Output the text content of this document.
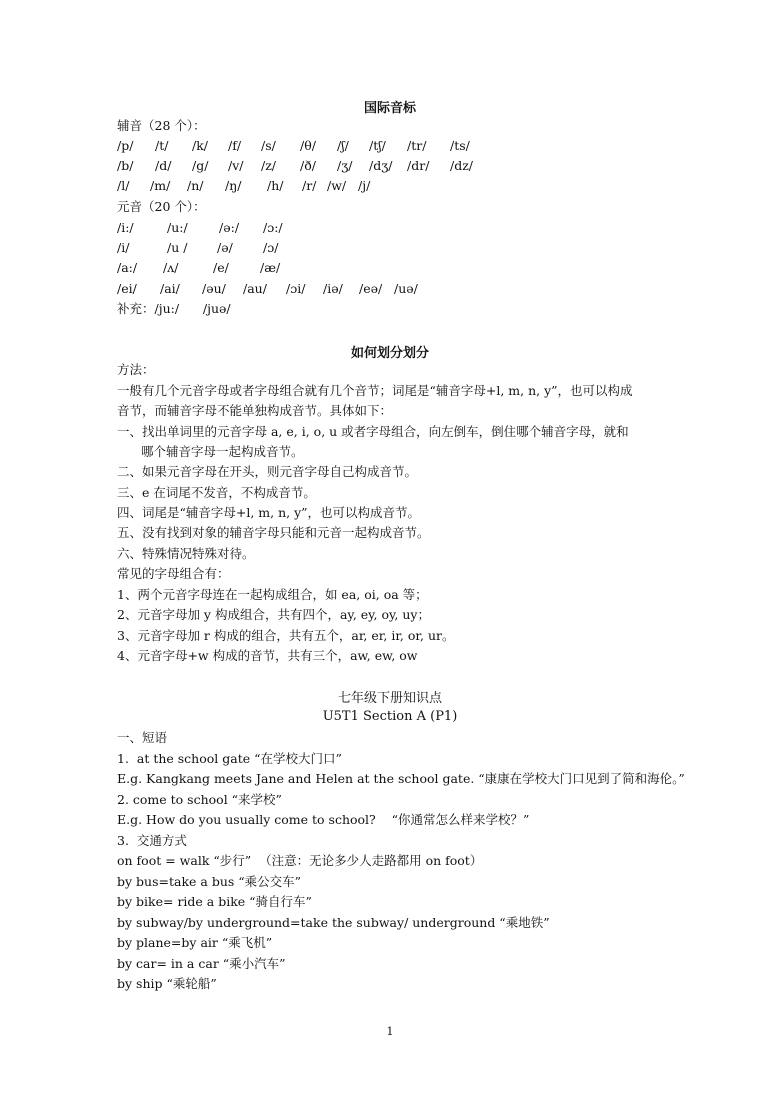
国际音标
辅音（28 个）：
/p/ /t/ /k/ /f/ /s/ /θ/ /ʃ/ /tʃ/ /tr/ /ts/
/b/ /d/ /g/ /v/ /z/ /ð/ /ʒ/ /dʒ/ /dr/ /dz/
/l/ /m/ /n/ /ŋ/ /h/ /r/ /w/ /j/
元音（20 个）：
/i:/	/u:/	/ə:/ /ɔ:/
/i/	/u / /ə/ /ɔ/
/a:/ /ʌ/	/e/ /æ/
/ei/ /ai/ /əu/ /au/ /ɔi/ /iə/ /eə/ /uə/
补充：/ju:/      /juə/
如何划分划分
方法：
一般有几个元音字母或者字母组合就有几个音节；词尾是“辅音字母+l, m, n, y”，也可以构成
音节，而辅音字母不能单独构成音节。具体如下：
一、找出单词里的元音字母 a, e, i, o, u 或者字母组合，向左倒车，倒住哪个辅音字母，就和
哪个辅音字母一起构成音节。
二、如果元音字母在开头，则元音字母自己构成音节。
三、e 在词尾不发音，不构成音节。
四、词尾是“辅音字母+l, m, n, y”，也可以构成音节。
五、没有找到对象的辅音字母只能和元音一起构成音节。
六、特殊情况特殊对待。
常见的字母组合有：
1、两个元音字母连在一起构成组合，如 ea, oi, oa 等；
2、元音字母加 y 构成组合，共有四个，ay, ey, oy, uy；
3、元音字母加 r 构成的组合，共有五个，ar, er, ir, or, ur。
4、元音字母+w 构成的音节，共有三个，aw, ew, ow
七年级下册知识点
U5T1 Section A (P1)
一、短语
1.  at the school gate “在学校大门口”
E.g. Kangkang meets Jane and Helen at the school gate. “康康在学校大门口见到了简和海伦。”
2. come to school “来学校”
E.g. How do you usually come to school?    “你通常怎么样来学校？”
3.  交通方式
on foot = walk “步行”  （注意：无论多少人走路都用 on foot）
by bus=take a bus “乘公交车”
by bike= ride a bike “骑自行车”
by subway/by underground=take the subway/ underground “乘地铁”
by plane=by air “乘飞机”
by car= in a car “乘小汽车”
by ship “乘轮船”
1
